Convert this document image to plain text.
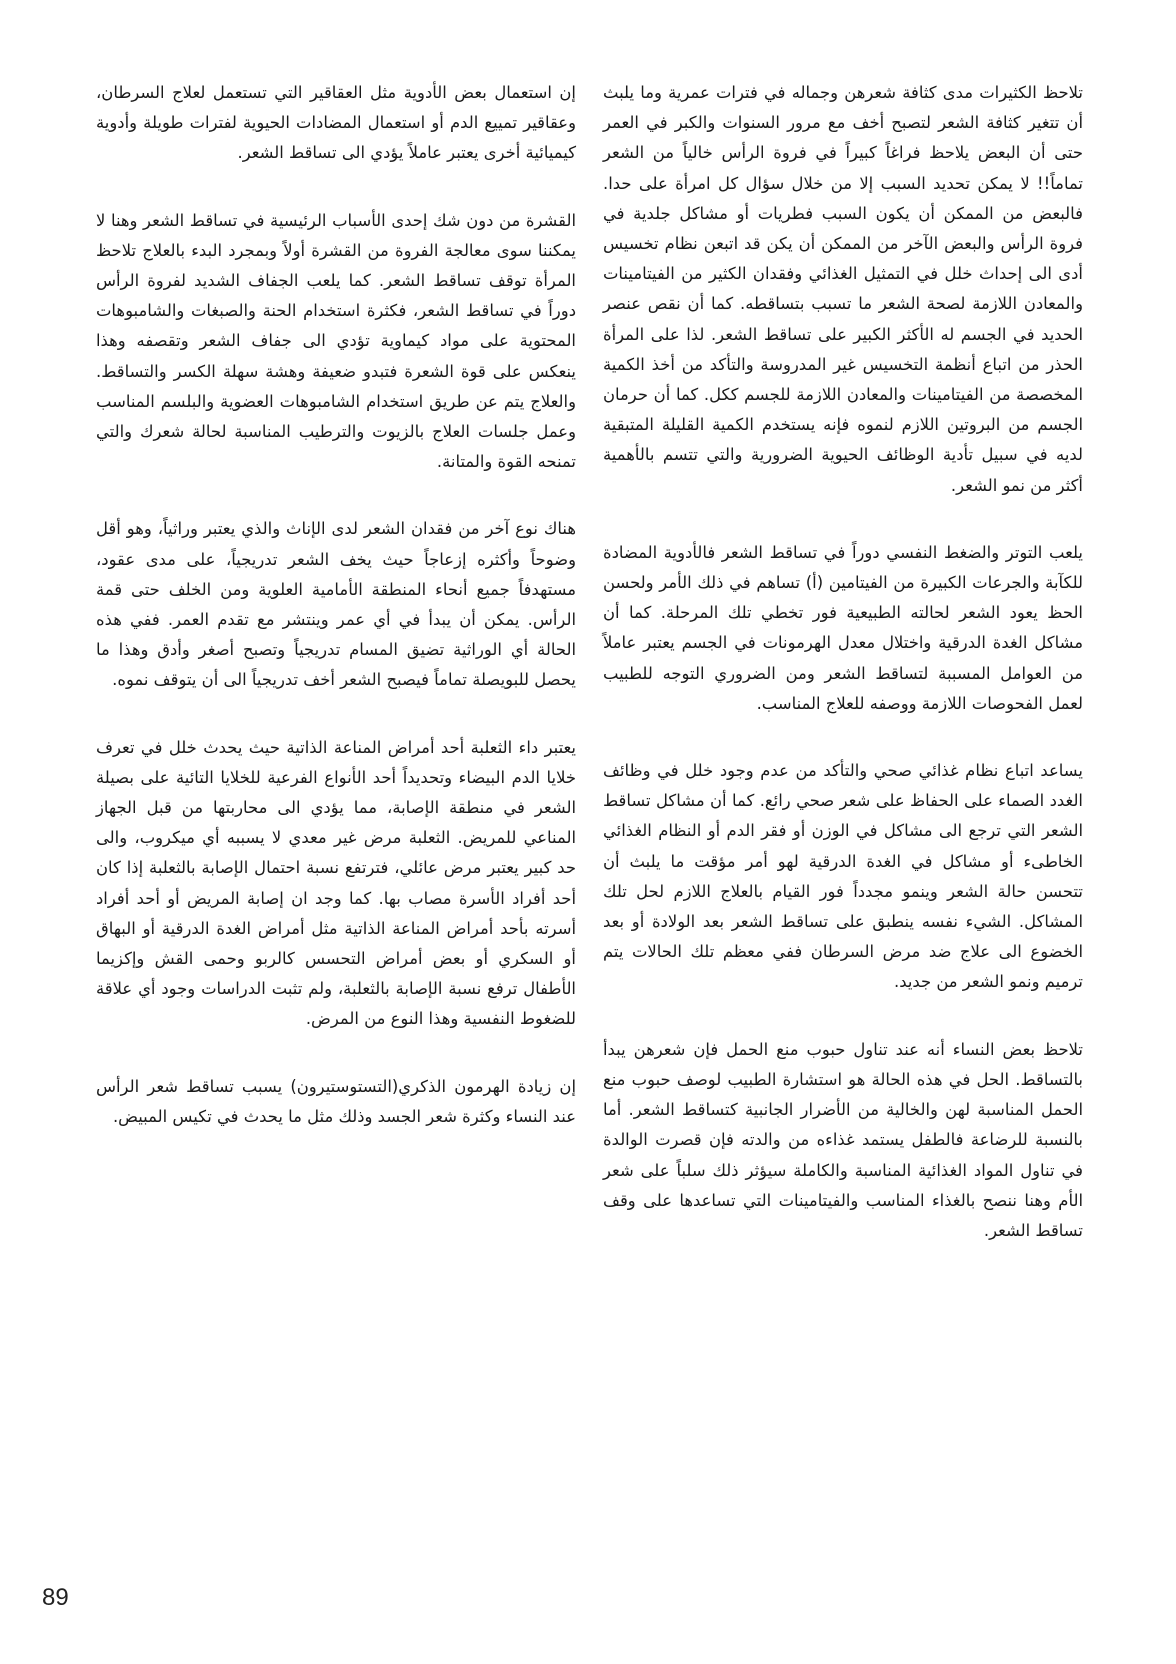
تلاحظ الكثيرات مدى كثافة شعرهن وجماله في فترات عمرية وما يلبث أن تتغير كثافة الشعر لتصبح أخف مع مرور السنوات والكبر في العمر حتى أن البعض يلاحظ فراغاً كبيراً في فروة الرأس خالياً من الشعر تماماً!! لا يمكن تحديد السبب إلا من خلال سؤال كل امرأة على حدا. فالبعض من الممكن أن يكون السبب فطريات أو مشاكل جلدية في فروة الرأس والبعض الآخر من الممكن أن يكن قد اتبعن نظام تخسيس أدى الى إحداث خلل في التمثيل الغذائي وفقدان الكثير من الفيتامينات والمعادن اللازمة لصحة الشعر ما تسبب بتساقطه. كما أن نقص عنصر الحديد في الجسم له الأكثر الكبير على تساقط الشعر. لذا على المرأة الحذر من اتباع أنظمة التخسيس غير المدروسة والتأكد من أخذ الكمية المخصصة من الفيتامينات والمعادن اللازمة للجسم ككل. كما أن حرمان الجسم من البروتين اللازم لنموه فإنه يستخدم الكمية القليلة المتبقية لديه في سبيل تأدية الوظائف الحيوية الضرورية والتي تتسم بالأهمية أكثر من نمو الشعر.

يلعب التوتر والضغط النفسي دوراً في تساقط الشعر فالأدوية المضادة للكآبة والجرعات الكبيرة من الفيتامين (أ) تساهم في ذلك الأمر ولحسن الحظ يعود الشعر لحالته الطبيعية فور تخطي تلك المرحلة. كما أن مشاكل الغدة الدرقية واختلال معدل الهرمونات في الجسم يعتبر عاملاً من العوامل المسببة لتساقط الشعر ومن الضروري التوجه للطبيب لعمل الفحوصات اللازمة ووصفه للعلاج المناسب.

يساعد اتباع نظام غذائي صحي والتأكد من عدم وجود خلل في وظائف الغدد الصماء على الحفاظ على شعر صحي رائع. كما أن مشاكل تساقط الشعر التي ترجع الى مشاكل في الوزن أو فقر الدم أو النظام الغذائي الخاطىء أو مشاكل في الغدة الدرقية لهو أمر مؤقت ما يلبث أن تتحسن حالة الشعر وينمو مجدداً فور القيام بالعلاج اللازم لحل تلك المشاكل. الشيء نفسه ينطبق على تساقط الشعر بعد الولادة أو بعد الخضوع الى علاج ضد مرض السرطان ففي معظم تلك الحالات يتم ترميم ونمو الشعر من جديد.

تلاحظ بعض النساء أنه عند تناول حبوب منع الحمل فإن شعرهن يبدأ بالتساقط. الحل في هذه الحالة هو استشارة الطبيب لوصف حبوب منع الحمل المناسبة لهن والخالية من الأضرار الجانبية كتساقط الشعر. أما بالنسبة للرضاعة فالطفل يستمد غذاءه من والدته فإن قصرت الوالدة في تناول المواد الغذائية المناسبة والكاملة سيؤثر ذلك سلباً على شعر الأم وهنا ننصح بالغذاء المناسب والفيتامينات التي تساعدها على وقف تساقط الشعر.

إن استعمال بعض الأدوية مثل العقاقير التي تستعمل لعلاج السرطان، وعقاقير تمييع الدم أو استعمال المضادات الحيوية لفترات طويلة وأدوية كيميائية أخرى يعتبر عاملاً يؤدي الى تساقط الشعر.

القشرة من دون شك إحدى الأسباب الرئيسية في تساقط الشعر وهنا لا يمكننا سوى معالجة الفروة من القشرة أولاً وبمجرد البدء بالعلاج تلاحظ المرأة توقف تساقط الشعر. كما يلعب الجفاف الشديد لفروة الرأس دوراً في تساقط الشعر، فكثرة استخدام الحنة والصبغات والشامبوهات المحتوية على مواد كيماوية تؤدي الى جفاف الشعر وتقصفه وهذا ينعكس على قوة الشعرة فتبدو ضعيفة وهشة سهلة الكسر والتساقط. والعلاج يتم عن طريق استخدام الشامبوهات العضوية والبلسم المناسب وعمل جلسات العلاج بالزيوت والترطيب المناسبة لحالة شعرك والتي تمنحه القوة والمتانة.

هناك نوع آخر من فقدان الشعر لدى الإناث والذي يعتبر وراثياً، وهو أقل وضوحاً وأكثره إزعاجاً حيث يخف الشعر تدريجياً، على مدى عقود، مستهدفاً جميع أنحاء المنطقة الأمامية العلوية ومن الخلف حتى قمة الرأس. يمكن أن يبدأ في أي عمر وينتشر مع تقدم العمر. ففي هذه الحالة أي الوراثية تضيق المسام تدريجياً وتصبح أصغر وأدق وهذا ما يحصل للبويصلة تماماً فيصبح الشعر أخف تدريجياً الى أن يتوقف نموه.

يعتبر داء الثعلبة أحد أمراض المناعة الذاتية حيث يحدث خلل في تعرف خلايا الدم البيضاء وتحديداً أحد الأنواع الفرعية للخلايا التائية على بصيلة الشعر في منطقة الإصابة، مما يؤدي الى محاربتها من قبل الجهاز المناعي للمريض. الثعلبة مرض غير معدي لا يسببه أي ميكروب، والى حد كبير يعتبر مرض عائلي، فترتفع نسبة احتمال الإصابة بالثعلبة إذا كان أحد أفراد الأسرة مصاب بها. كما وجد ان إصابة المريض أو أحد أفراد أسرته بأحد أمراض المناعة الذاتية مثل أمراض الغدة الدرقية أو البهاق أو السكري أو بعض أمراض التحسس كالربو وحمى القش وإكزيما الأطفال ترفع نسبة الإصابة بالثعلبة، ولم تثبت الدراسات وجود أي علاقة للضغوط النفسية وهذا النوع من المرض.

إن زيادة الهرمون الذكري(التستوستيرون) يسبب تساقط شعر الرأس عند النساء وكثرة شعر الجسد وذلك مثل ما يحدث في تكيس المبيض.

89
